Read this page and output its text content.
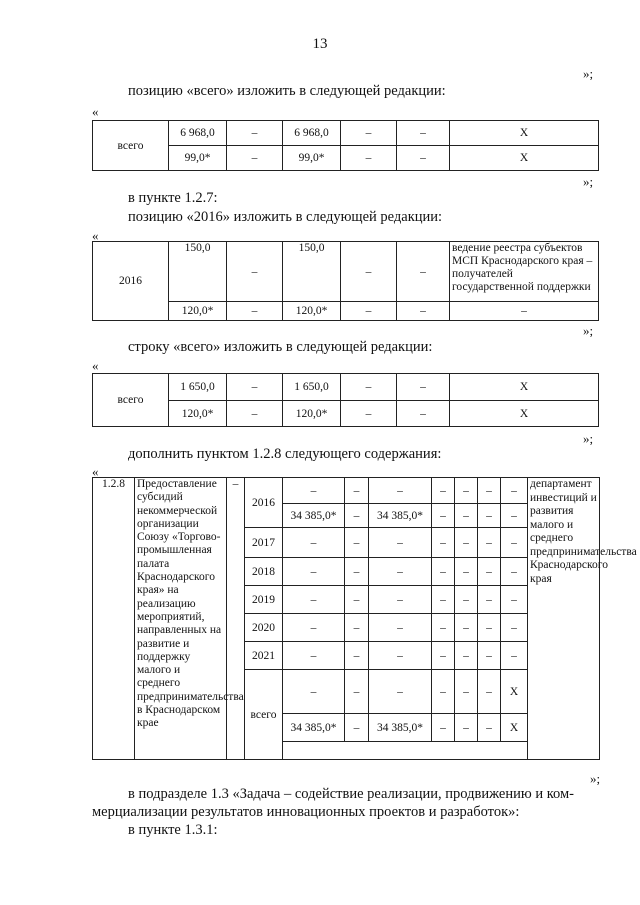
13
»;
позицию «всего» изложить в следующей редакции:
«
всего	6 968,0	–	6 968,0	–	–	Х
	99,0*	–	99,0*	–	–	Х
»;
в пункте 1.2.7:
позицию «2016» изложить в следующей редакции:
«
2016	150,0	–	150,0	–	–	ведение реестра субъектов МСП Краснодарского края – получателей государственной поддержки
	120,0*	–	120,0*	–	–	–
»;
строку «всего» изложить в следующей редакции:
«
всего	1 650,0	–	1 650,0	–	–	Х
	120,0*	–	120,0*	–	–	Х
»;
дополнить пунктом 1.2.8 следующего содержания:
«
1.2.8	Предоставление субсидий некоммерческой организации Союзу «Торгово-промышленная палата Краснодарского края» на реализацию мероприятий, направленных на развитие и поддержку малого и среднего предпринимательства в Краснодарском крае	–	2016	–	–	–	–	–	–	–	департамент инвестиций и развития малого и среднего предпринимательства Краснодарского края
				34 385,0*	–	34 385,0*	–	–	–	–	
			2017	–	–	–	–	–	–	–	
			2018	–	–	–	–	–	–	–	
			2019	–	–	–	–	–	–	–	
			2020	–	–	–	–	–	–	–	
			2021	–	–	–	–	–	–	–	
			всего	–	–	–	–	–	–	Х	
				34 385,0*	–	34 385,0*	–	–	–	Х	

»;
в подразделе 1.3 «Задача – содействие реализации, продвижению и ком-
мерциализации результатов инновационных проектов и разработок»:
в пункте 1.3.1:
